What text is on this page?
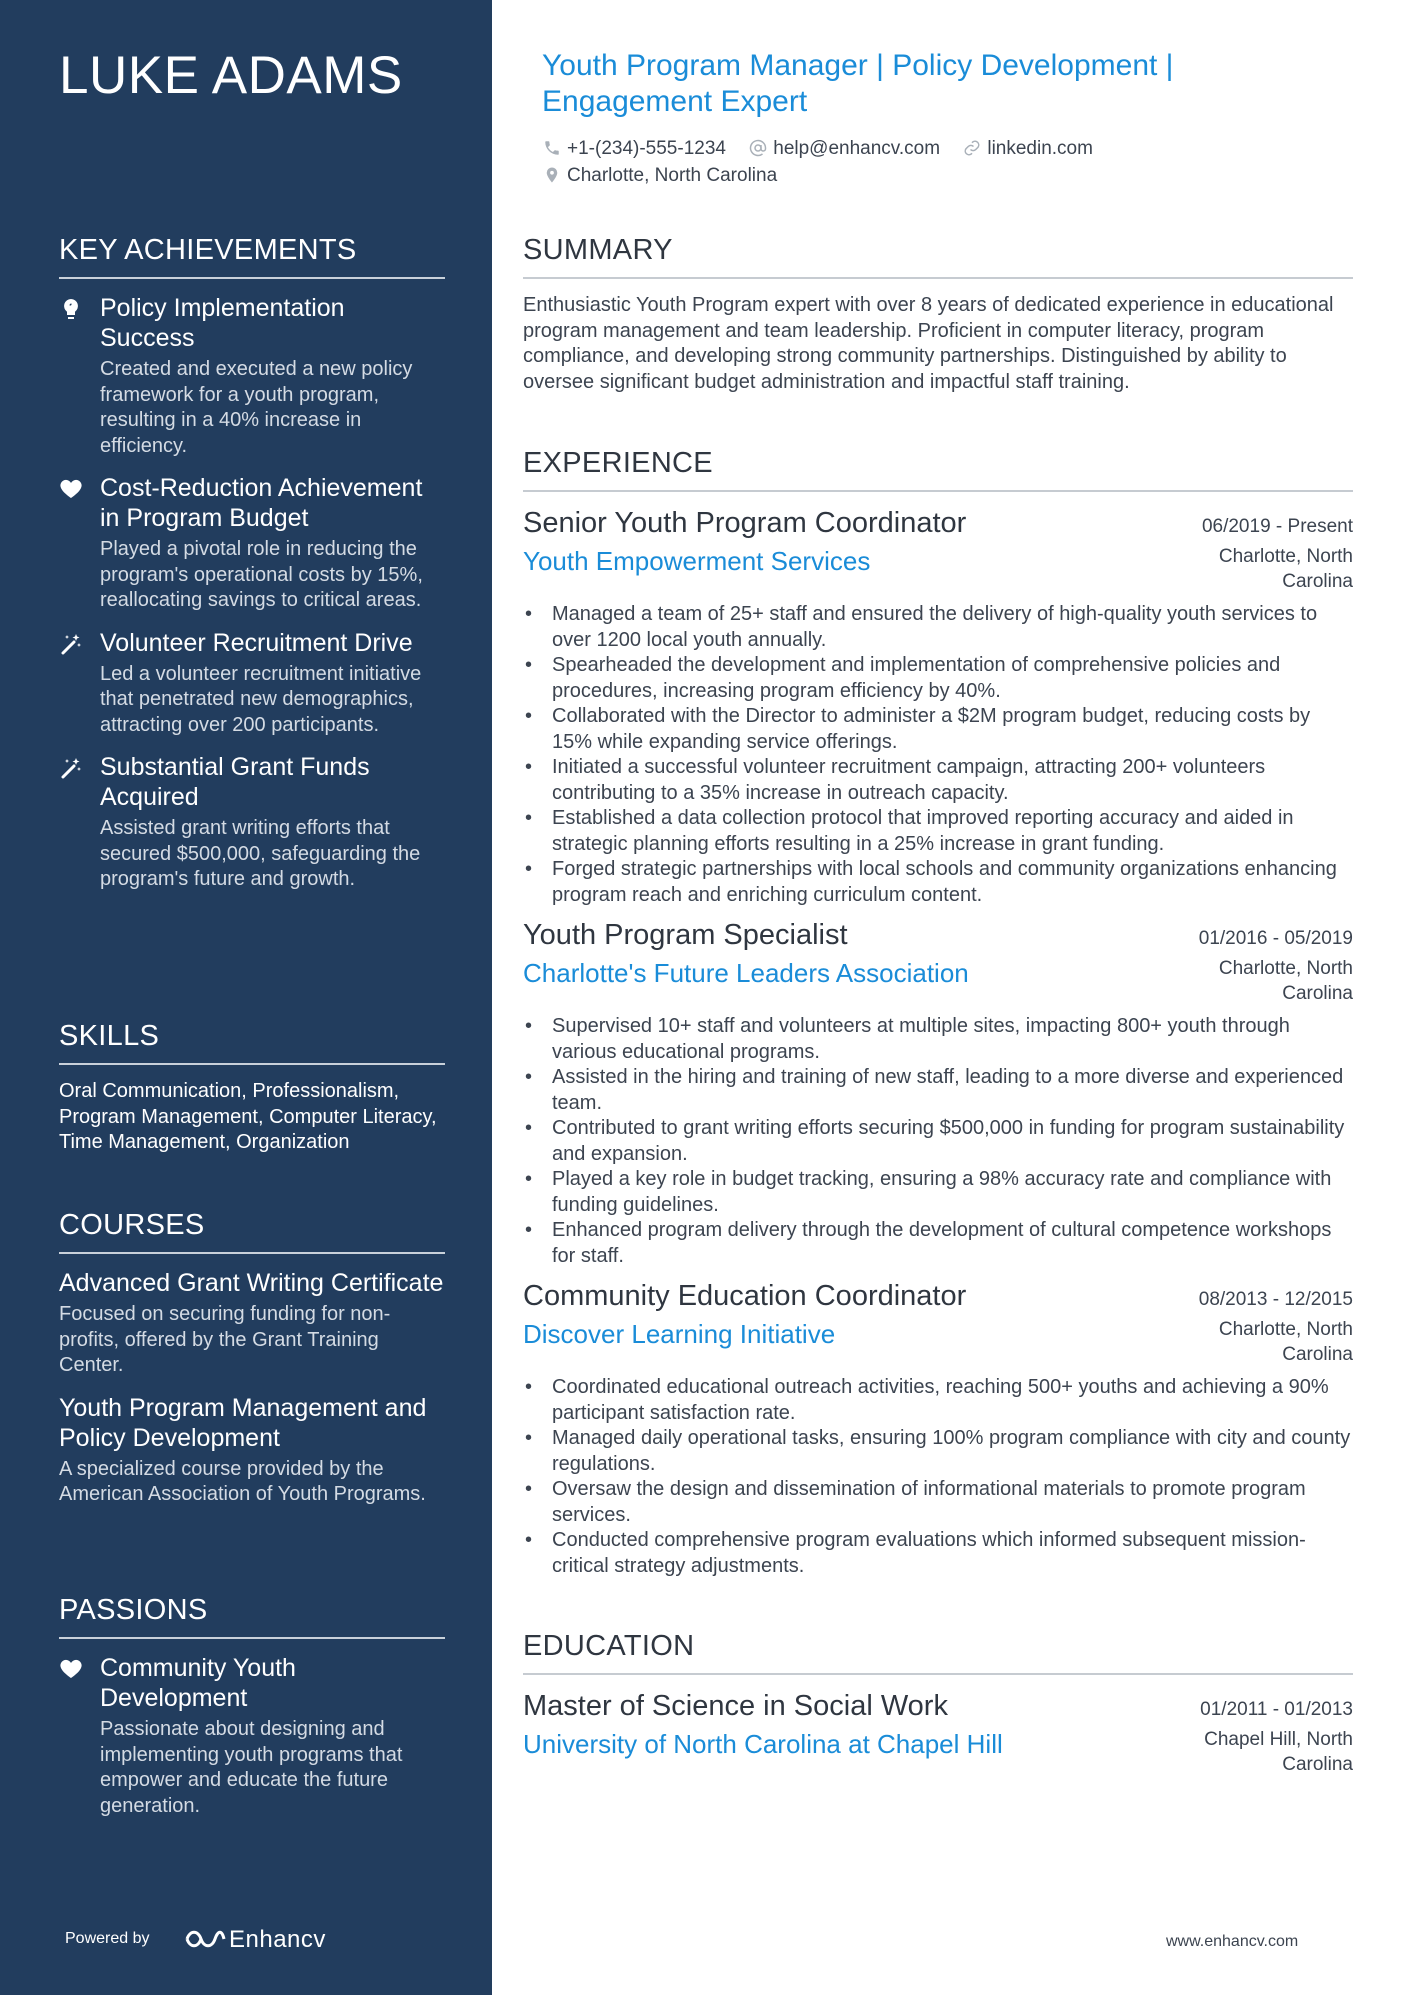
LUKE ADAMS
KEY ACHIEVEMENTS
Policy Implementation Success
Created and executed a new policy framework for a youth program, resulting in a 40% increase in efficiency.
Cost-Reduction Achievement in Program Budget
Played a pivotal role in reducing the program's operational costs by 15%, reallocating savings to critical areas.
Volunteer Recruitment Drive
Led a volunteer recruitment initiative that penetrated new demographics, attracting over 200 participants.
Substantial Grant Funds Acquired
Assisted grant writing efforts that secured $500,000, safeguarding the program's future and growth.
SKILLS
Oral Communication, Professionalism, Program Management, Computer Literacy, Time Management, Organization
COURSES
Advanced Grant Writing Certificate
Focused on securing funding for non-profits, offered by the Grant Training Center.
Youth Program Management and Policy Development
A specialized course provided by the American Association of Youth Programs.
PASSIONS
Community Youth Development
Passionate about designing and implementing youth programs that empower and educate the future generation.
Powered by	Enhancv
Youth Program Manager | Policy Development | Engagement Expert
+1-(234)-555-1234 help@enhancv.com linkedin.com
Charlotte, North Carolina
SUMMARY
Enthusiastic Youth Program expert with over 8 years of dedicated experience in educational program management and team leadership. Proficient in computer literacy, program compliance, and developing strong community partnerships. Distinguished by ability to oversee significant budget administration and impactful staff training.
EXPERIENCE
Senior Youth Program Coordinator	06/2019 - Present
Youth Empowerment Services	Charlotte, North Carolina
• Managed a team of 25+ staff and ensured the delivery of high-quality youth services to over 1200 local youth annually.
• Spearheaded the development and implementation of comprehensive policies and procedures, increasing program efficiency by 40%.
• Collaborated with the Director to administer a $2M program budget, reducing costs by 15% while expanding service offerings.
• Initiated a successful volunteer recruitment campaign, attracting 200+ volunteers contributing to a 35% increase in outreach capacity.
• Established a data collection protocol that improved reporting accuracy and aided in strategic planning efforts resulting in a 25% increase in grant funding.
• Forged strategic partnerships with local schools and community organizations enhancing program reach and enriching curriculum content.
Youth Program Specialist	01/2016 - 05/2019
Charlotte's Future Leaders Association	Charlotte, North Carolina
• Supervised 10+ staff and volunteers at multiple sites, impacting 800+ youth through various educational programs.
• Assisted in the hiring and training of new staff, leading to a more diverse and experienced team.
• Contributed to grant writing efforts securing $500,000 in funding for program sustainability and expansion.
• Played a key role in budget tracking, ensuring a 98% accuracy rate and compliance with funding guidelines.
• Enhanced program delivery through the development of cultural competence workshops for staff.
Community Education Coordinator	08/2013 - 12/2015
Discover Learning Initiative	Charlotte, North Carolina
• Coordinated educational outreach activities, reaching 500+ youths and achieving a 90% participant satisfaction rate.
• Managed daily operational tasks, ensuring 100% program compliance with city and county regulations.
• Oversaw the design and dissemination of informational materials to promote program services.
• Conducted comprehensive program evaluations which informed subsequent mission-critical strategy adjustments.
EDUCATION
Master of Science in Social Work	01/2011 - 01/2013
University of North Carolina at Chapel Hill	Chapel Hill, North Carolina
www.enhancv.com
